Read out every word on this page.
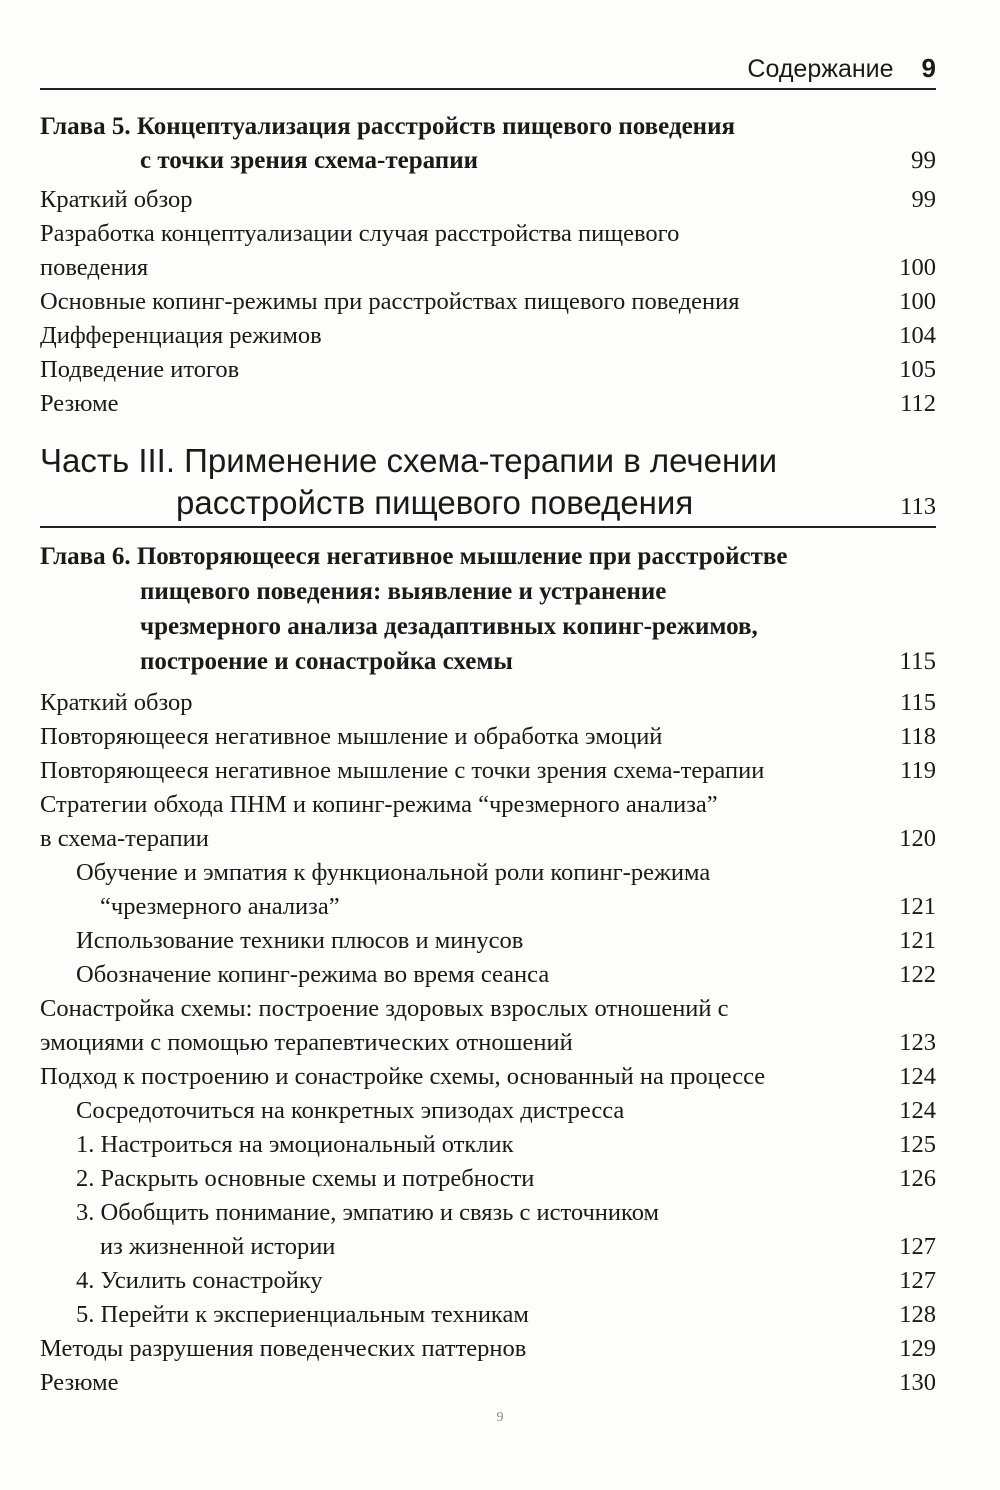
Содержание 9
Глава 5. Концептуализация расстройств пищевого поведения
с точки зрения схема-терапии	99
Краткий обзор	99
Разработка концептуализации случая расстройства пищевого
поведения	100
Основные копинг-режимы при расстройствах пищевого поведения	100
Дифференциация режимов	104
Подведение итогов	105
Резюме	112
Часть III. Применение схема-терапии в лечении
расстройств пищевого поведения	113
Глава 6. Повторяющееся негативное мышление при расстройстве
пищевого поведения: выявление и устранение
чрезмерного анализа дезадаптивных копинг-режимов,
построение и сонастройка схемы	115
Краткий обзор	115
Повторяющееся негативное мышление и обработка эмоций	118
Повторяющееся негативное мышление с точки зрения схема-терапии	119
Стратегии обхода ПНМ и копинг-режима “чрезмерного анализа”
в схема-терапии	120
Обучение и эмпатия к функциональной роли копинг-режима
“чрезмерного анализа”	121
Использование техники плюсов и минусов	121
Обозначение копинг-режима во время сеанса	122
Сонастройка схемы: построение здоровых взрослых отношений с
эмоциями с помощью терапевтических отношений	123
Подход к построению и сонастройке схемы, основанный на процессе	124
Сосредоточиться на конкретных эпизодах дистресса	124
1. Настроиться на эмоциональный отклик	125
2. Раскрыть основные схемы и потребности	126
3. Обобщить понимание, эмпатию и связь с источником
из жизненной истории	127
4. Усилить сонастройку	127
5. Перейти к экспериенциальным техникам	128
Методы разрушения поведенческих паттернов	129
Резюме	130
9
